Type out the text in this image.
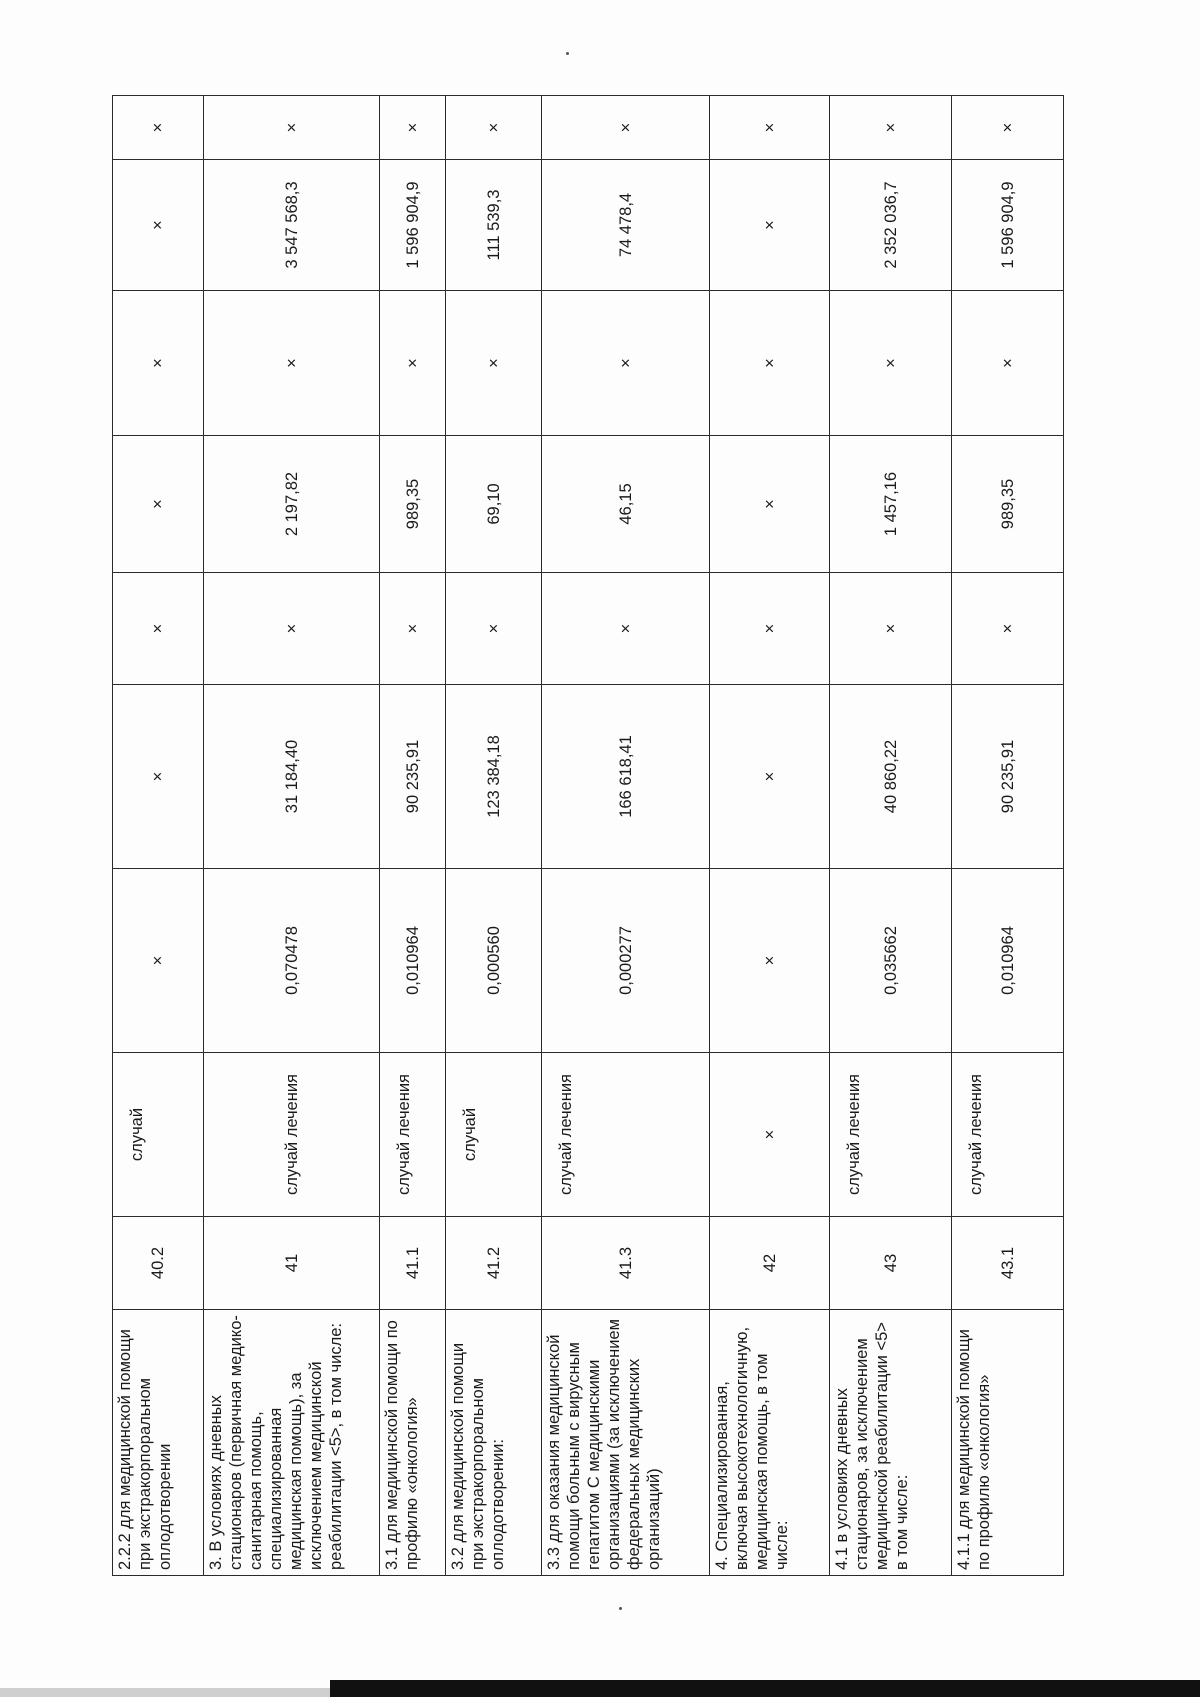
2.2.2 для медицинской помощи при экстракорпоральном оплодотворении	40.2	случай	×	×	×	×	×	×	×
3. В условиях дневных стационаров (первичная медико-санитарная помощь, специализированная медицинская помощь), за исключением медицинской реабилитации <5>, в том числе:	41	случай лечения	0,070478	31 184,40	×	2 197,82	×	3 547 568,3	×
3.1 для медицинской помощи по профилю «онкология»	41.1	случай лечения	0,010964	90 235,91	×	989,35	×	1 596 904,9	×
3.2 для медицинской помощи при экстракорпоральном оплодотворении:	41.2	случай	0,000560	123 384,18	×	69,10	×	111 539,3	×
3.3 для оказания медицинской помощи больным с вирусным гепатитом С медицинскими организациями (за исключением федеральных медицинских организаций)	41.3	случай лечения	0,000277	166 618,41	×	46,15	×	74 478,4	×
4. Специализированная, включая высокотехнологичную, медицинская помощь, в том числе:	42	×	×	×	×	×	×	×	×
4.1 в условиях дневных стационаров, за исключением медицинской реабилитации <5> в том числе:	43	случай лечения	0,035662	40 860,22	×	1 457,16	×	2 352 036,7	×
4.1.1 для медицинской помощи по профилю «онкология»	43.1	случай лечения	0,010964	90 235,91	×	989,35	×	1 596 904,9	×
